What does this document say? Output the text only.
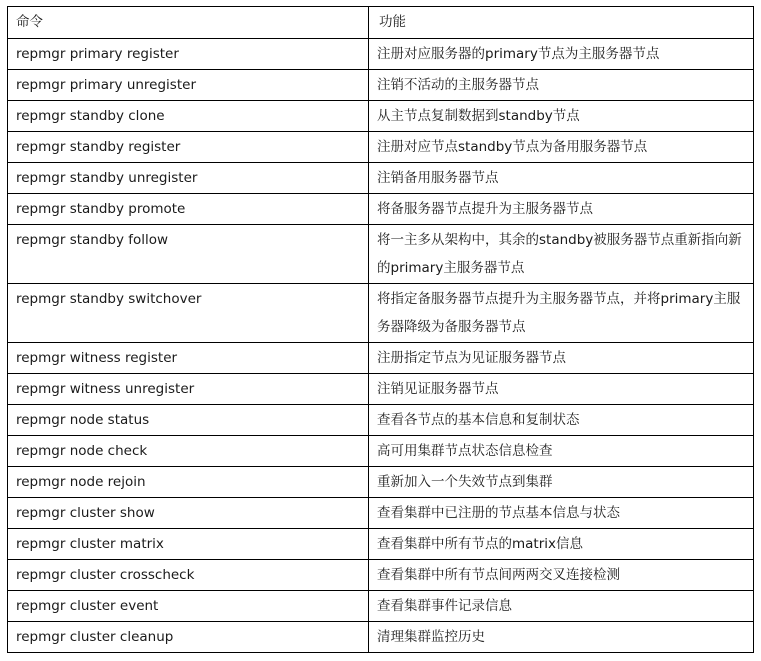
命令	功能
repmgr primary register	注册对应服务器的primary节点为主服务器节点
repmgr primary unregister	注销不活动的主服务器节点
repmgr standby clone	从主节点复制数据到standby节点
repmgr standby register	注册对应节点standby节点为备用服务器节点
repmgr standby unregister	注销备用服务器节点
repmgr standby promote	将备服务器节点提升为主服务器节点
repmgr standby follow	将一主多从架构中，其余的standby被服务器节点重新指向新的primary主服务器节点
repmgr standby switchover	将指定备服务器节点提升为主服务器节点，并将primary主服务器降级为备服务器节点
repmgr witness register	注册指定节点为见证服务器节点
repmgr witness unregister	注销见证服务器节点
repmgr node status	查看各节点的基本信息和复制状态
repmgr node check	高可用集群节点状态信息检查
repmgr node rejoin	重新加入一个失效节点到集群
repmgr cluster show	查看集群中已注册的节点基本信息与状态
repmgr cluster matrix	查看集群中所有节点的matrix信息
repmgr cluster crosscheck	查看集群中所有节点间两两交叉连接检测
repmgr cluster event	查看集群事件记录信息
repmgr cluster cleanup	清理集群监控历史
